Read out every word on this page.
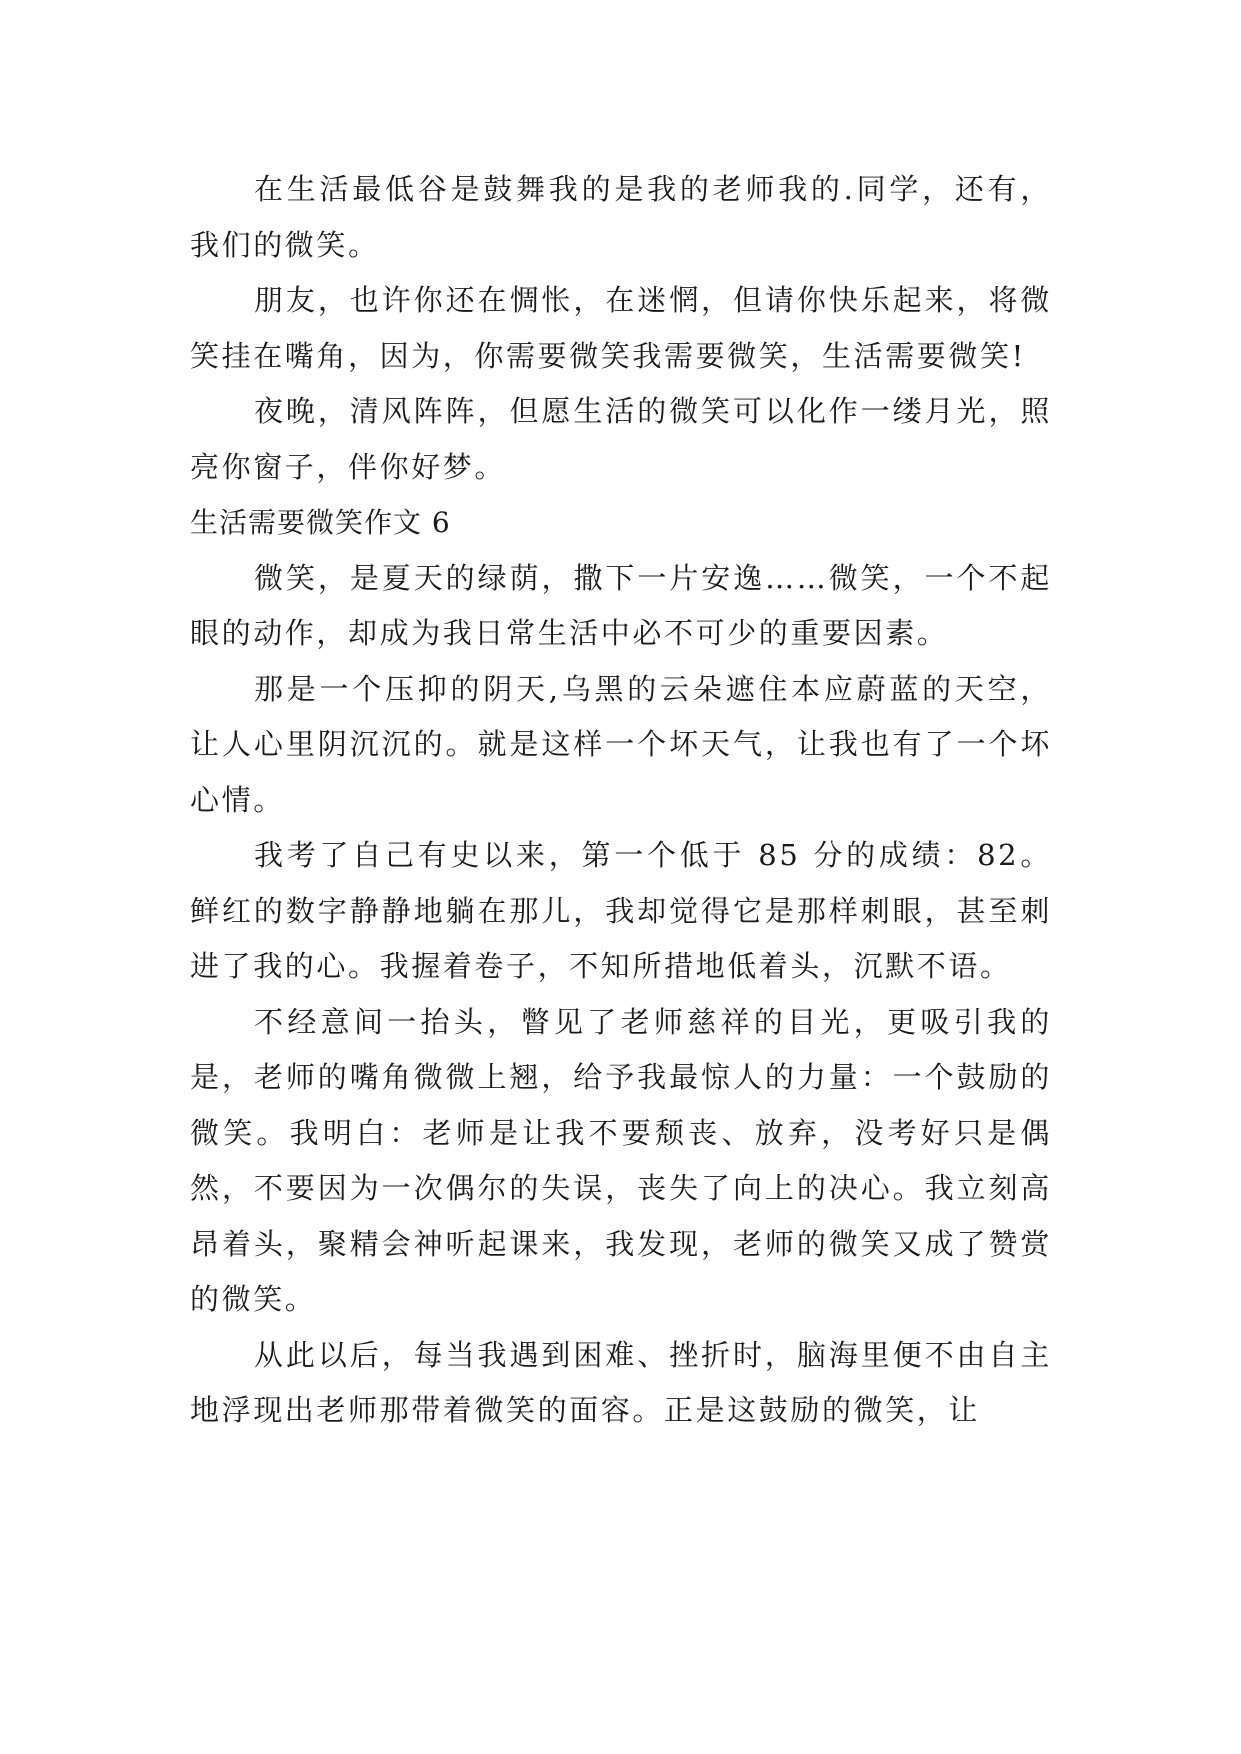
在生活最低谷是鼓舞我的是我的老师我的.同学，还有，我们的微笑。

朋友，也许你还在惆怅，在迷惘，但请你快乐起来，将微笑挂在嘴角，因为，你需要微笑我需要微笑，生活需要微笑!

夜晚，清风阵阵，但愿生活的微笑可以化作一缕月光，照亮你窗子，伴你好梦。

生活需要微笑作文 6

微笑，是夏天的绿荫，撒下一片安逸……微笑，一个不起眼的动作，却成为我日常生活中必不可少的重要因素。

那是一个压抑的阴天,乌黑的云朵遮住本应蔚蓝的天空，让人心里阴沉沉的。就是这样一个坏天气，让我也有了一个坏心情。

我考了自己有史以来，第一个低于 85 分的成绩：82。鲜红的数字静静地躺在那儿，我却觉得它是那样刺眼，甚至刺进了我的心。我握着卷子，不知所措地低着头，沉默不语。

不经意间一抬头，瞥见了老师慈祥的目光，更吸引我的是，老师的嘴角微微上翘，给予我最惊人的力量：一个鼓励的微笑。我明白：老师是让我不要颓丧、放弃，没考好只是偶然，不要因为一次偶尔的失误，丧失了向上的决心。我立刻高昂着头，聚精会神听起课来，我发现，老师的微笑又成了赞赏的微笑。

从此以后，每当我遇到困难、挫折时，脑海里便不由自主地浮现出老师那带着微笑的面容。正是这鼓励的微笑，让
